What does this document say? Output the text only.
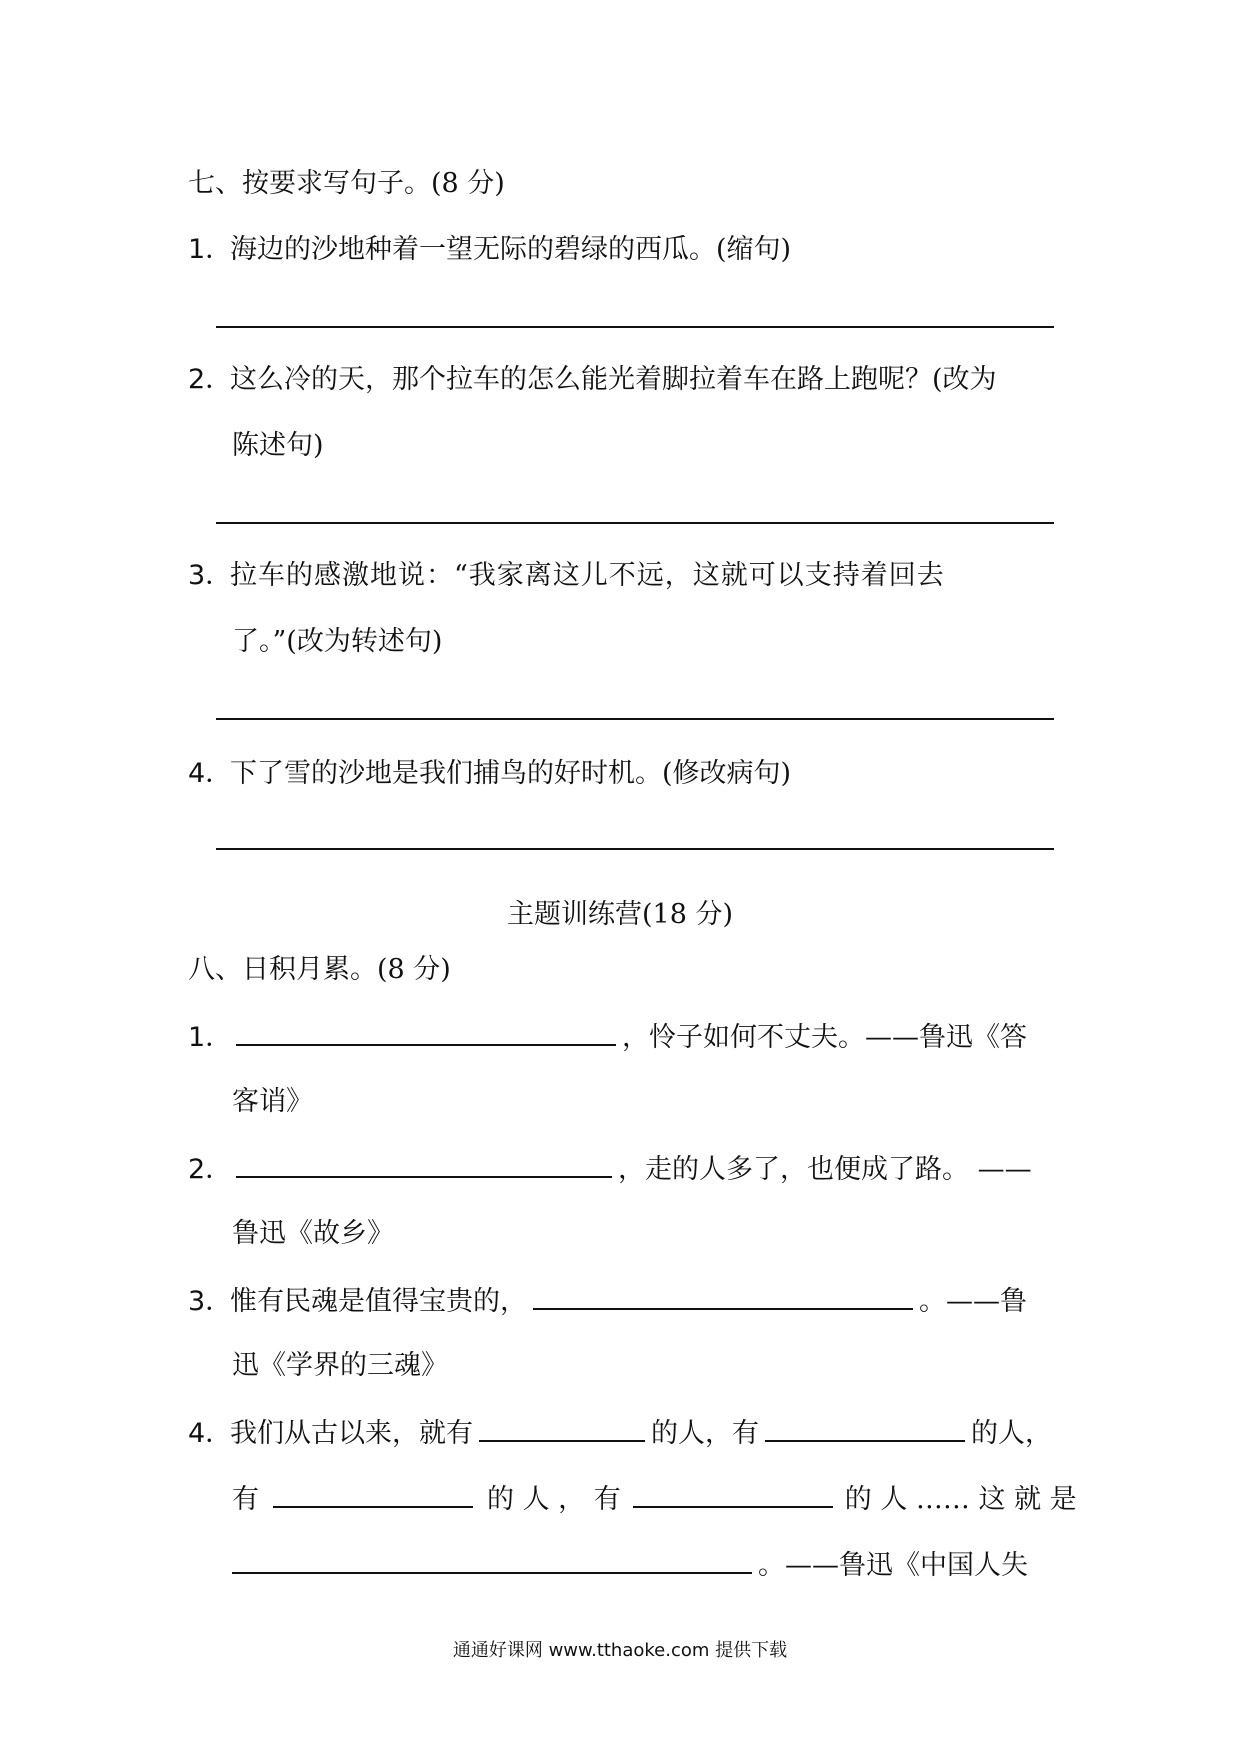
七、按要求写句子。(8 分)
1．海边的沙地种着一望无际的碧绿的西瓜。(缩句)
2．这么冷的天，那个拉车的怎么能光着脚拉着车在路上跑呢？(改为
陈述句)
3．拉车的感激地说：“我家离这儿不远，这就可以支持着回去
了。”(改为转述句)
4．下了雪的沙地是我们捕鸟的好时机。(修改病句)
主题训练营(18 分)
八、日积月累。(8 分)
1．	，怜子如何不丈夫。——鲁迅《答
客诮》
2．	，走的人多了，也便成了路。 ——
鲁迅《故乡》
3．惟有民魂是值得宝贵的，	。——鲁
迅《学界的三魂》
4．我们从古以来，就有	的人，有	的人，
有	的 人 ， 有	的 人 …… 这 就 是
。——鲁迅《中国人失
通通好课网 www.tthaoke.com 提供下载
